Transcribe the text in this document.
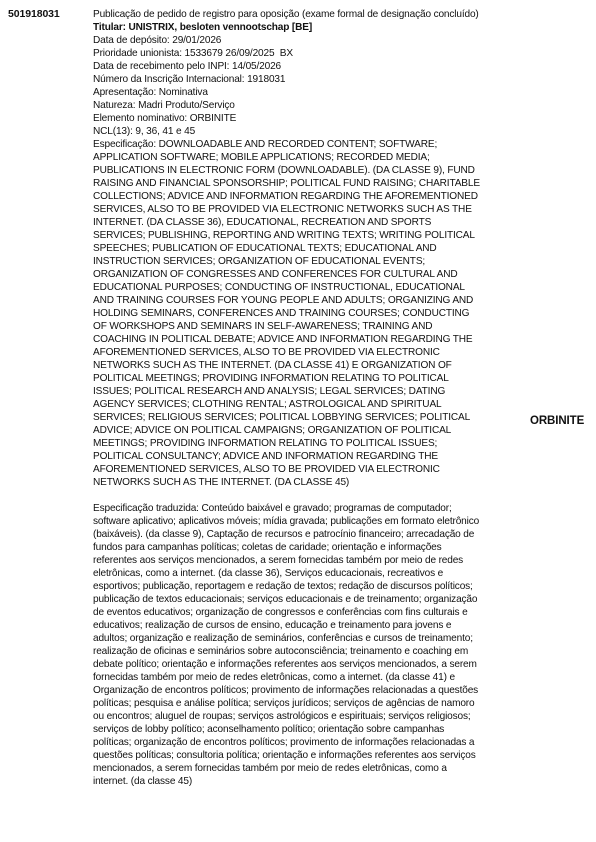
501918031	Publicação de pedido de registro para oposição (exame formal de designação concluído)
Titular: UNISTRIX, besloten vennootschap [BE]
Data de depósito: 29/01/2026
Prioridade unionista: 1533679 26/09/2025  BX
Data de recebimento pelo INPI: 14/05/2026
Número da Inscrição Internacional: 1918031
Apresentação: Nominativa
Natureza: Madri Produto/Serviço
Elemento nominativo: ORBINITE
NCL(13): 9, 36, 41 e 45
Especificação: DOWNLOADABLE AND RECORDED CONTENT; SOFTWARE;
APPLICATION SOFTWARE; MOBILE APPLICATIONS; RECORDED MEDIA;
PUBLICATIONS IN ELECTRONIC FORM (DOWNLOADABLE). (DA CLASSE 9), FUND
RAISING AND FINANCIAL SPONSORSHIP; POLITICAL FUND RAISING; CHARITABLE
COLLECTIONS; ADVICE AND INFORMATION REGARDING THE AFOREMENTIONED
SERVICES, ALSO TO BE PROVIDED VIA ELECTRONIC NETWORKS SUCH AS THE
INTERNET. (DA CLASSE 36), EDUCATIONAL, RECREATION AND SPORTS
SERVICES; PUBLISHING, REPORTING AND WRITING TEXTS; WRITING POLITICAL
SPEECHES; PUBLICATION OF EDUCATIONAL TEXTS; EDUCATIONAL AND
INSTRUCTION SERVICES; ORGANIZATION OF EDUCATIONAL EVENTS;
ORGANIZATION OF CONGRESSES AND CONFERENCES FOR CULTURAL AND
EDUCATIONAL PURPOSES; CONDUCTING OF INSTRUCTIONAL, EDUCATIONAL
AND TRAINING COURSES FOR YOUNG PEOPLE AND ADULTS; ORGANIZING AND
HOLDING SEMINARS, CONFERENCES AND TRAINING COURSES; CONDUCTING
OF WORKSHOPS AND SEMINARS IN SELF-AWARENESS; TRAINING AND
COACHING IN POLITICAL DEBATE; ADVICE AND INFORMATION REGARDING THE
AFOREMENTIONED SERVICES, ALSO TO BE PROVIDED VIA ELECTRONIC
NETWORKS SUCH AS THE INTERNET. (DA CLASSE 41) E ORGANIZATION OF
POLITICAL MEETINGS; PROVIDING INFORMATION RELATING TO POLITICAL
ISSUES; POLITICAL RESEARCH AND ANALYSIS; LEGAL SERVICES; DATING
AGENCY SERVICES; CLOTHING RENTAL; ASTROLOGICAL AND SPIRITUAL
SERVICES; RELIGIOUS SERVICES; POLITICAL LOBBYING SERVICES; POLITICAL
ADVICE; ADVICE ON POLITICAL CAMPAIGNS; ORGANIZATION OF POLITICAL
MEETINGS; PROVIDING INFORMATION RELATING TO POLITICAL ISSUES;
POLITICAL CONSULTANCY; ADVICE AND INFORMATION REGARDING THE
AFOREMENTIONED SERVICES, ALSO TO BE PROVIDED VIA ELECTRONIC
NETWORKS SUCH AS THE INTERNET. (DA CLASSE 45)
Especificação traduzida: Conteúdo baixável e gravado; programas de computador;
software aplicativo; aplicativos móveis; mídia gravada; publicações em formato eletrônico
(baixáveis). (da classe 9), Captação de recursos e patrocínio financeiro; arrecadação de
fundos para campanhas políticas; coletas de caridade; orientação e informações
referentes aos serviços mencionados, a serem fornecidas também por meio de redes
eletrônicas, como a internet. (da classe 36), Serviços educacionais, recreativos e
esportivos; publicação, reportagem e redação de textos; redação de discursos políticos;
publicação de textos educacionais; serviços educacionais e de treinamento; organização
de eventos educativos; organização de congressos e conferências com fins culturais e
educativos; realização de cursos de ensino, educação e treinamento para jovens e
adultos; organização e realização de seminários, conferências e cursos de treinamento;
realização de oficinas e seminários sobre autoconsciência; treinamento e coaching em
debate político; orientação e informações referentes aos serviços mencionados, a serem
fornecidas também por meio de redes eletrônicas, como a internet. (da classe 41) e
Organização de encontros políticos; provimento de informações relacionadas a questões
políticas; pesquisa e análise política; serviços jurídicos; serviços de agências de namoro
ou encontros; aluguel de roupas; serviços astrológicos e espirituais; serviços religiosos;
serviços de lobby político; aconselhamento político; orientação sobre campanhas
políticas; organização de encontros políticos; provimento de informações relacionadas a
questões políticas; consultoria política; orientação e informações referentes aos serviços
mencionados, a serem fornecidas também por meio de redes eletrônicas, como a
internet. (da classe 45)
ORBINITE
